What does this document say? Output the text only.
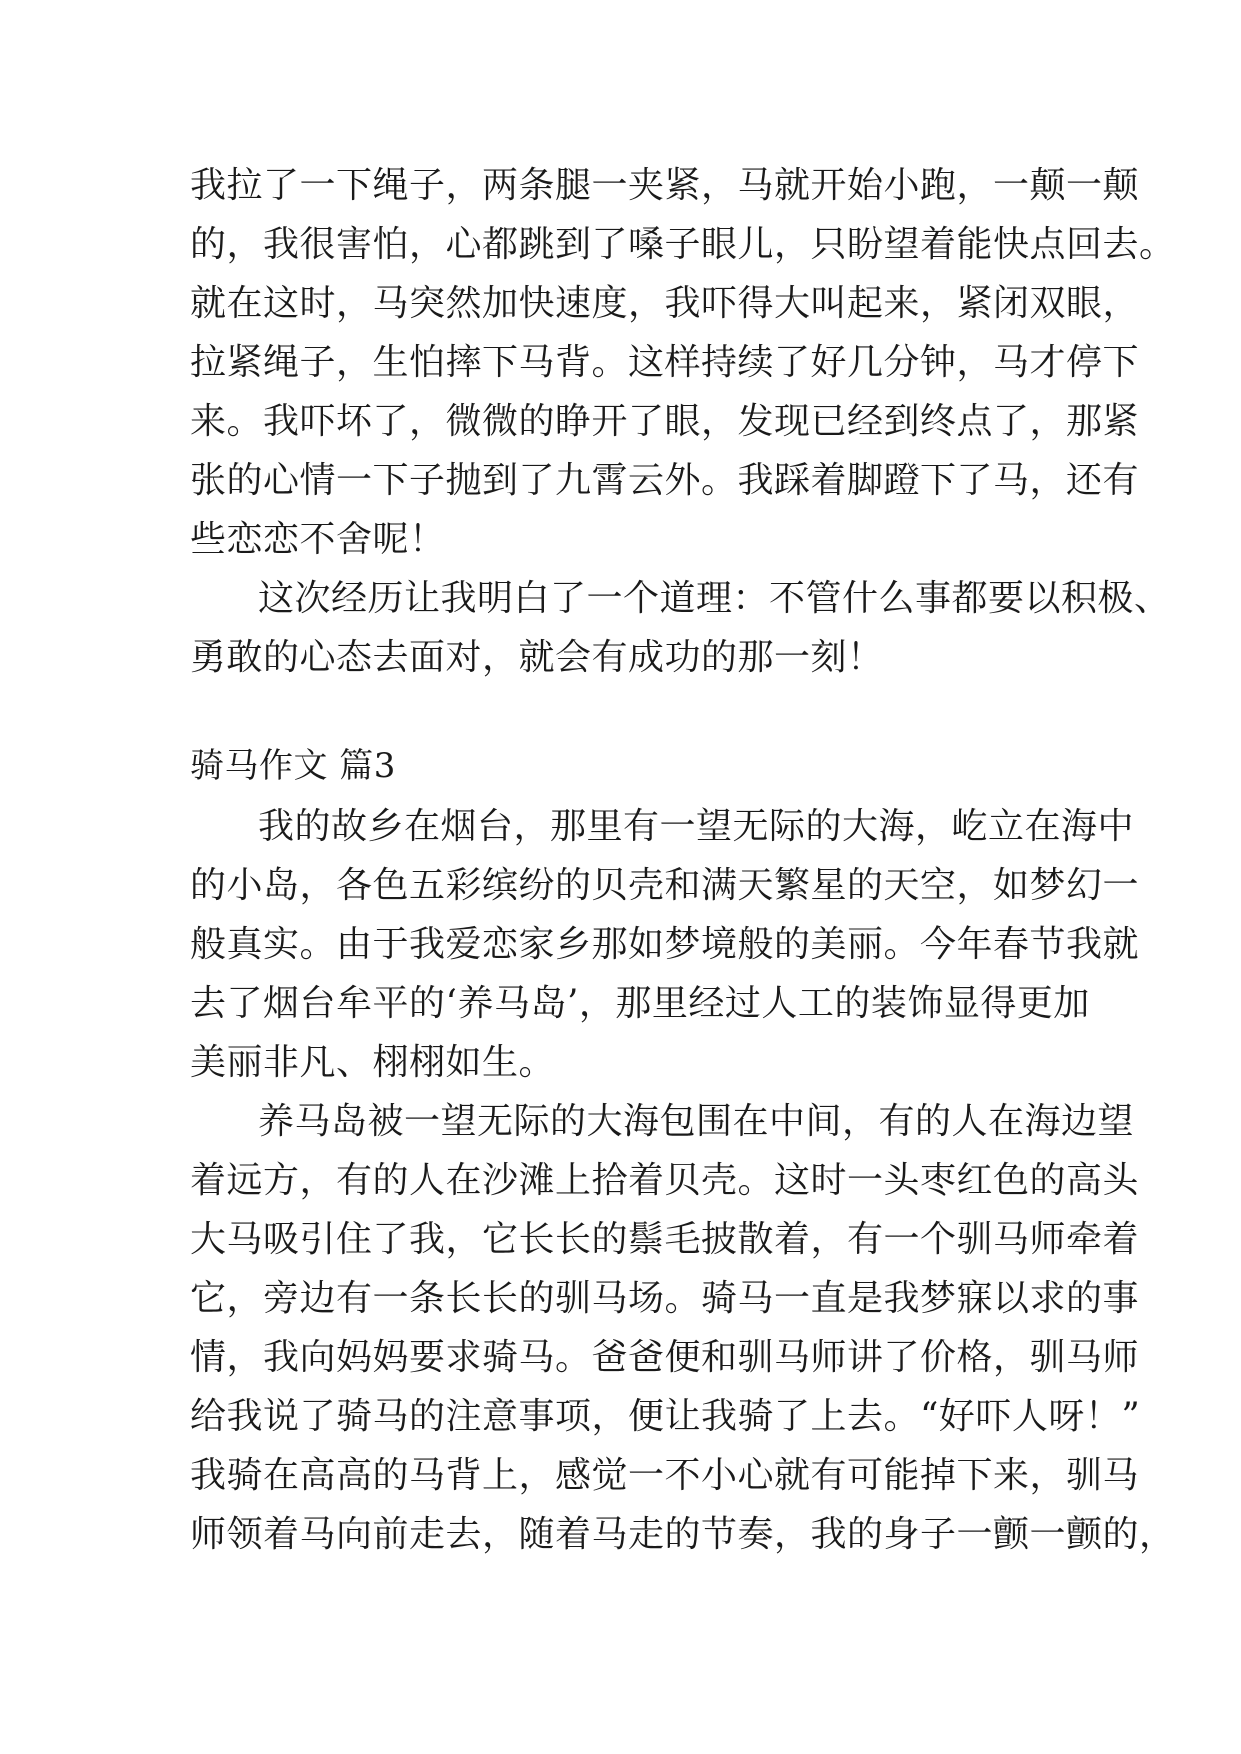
我拉了一下绳子，两条腿一夹紧，马就开始小跑，一颠一颠
的，我很害怕，心都跳到了嗓子眼儿，只盼望着能快点回去。
就在这时，马突然加快速度，我吓得大叫起来，紧闭双眼，
拉紧绳子，生怕摔下马背。这样持续了好几分钟，马才停下
来。我吓坏了，微微的睁开了眼，发现已经到终点了，那紧
张的心情一下子抛到了九霄云外。我踩着脚蹬下了马，还有
些恋恋不舍呢！
这次经历让我明白了一个道理：不管什么事都要以积极、
勇敢的心态去面对，就会有成功的那一刻！
骑马作文 篇3
我的故乡在烟台，那里有一望无际的大海，屹立在海中
的小岛，各色五彩缤纷的贝壳和满天繁星的天空，如梦幻一
般真实。由于我爱恋家乡那如梦境般的美丽。今年春节我就
去了烟台牟平的‘养马岛’，那里经过人工的装饰显得更加
美丽非凡、栩栩如生。
养马岛被一望无际的大海包围在中间，有的人在海边望
着远方，有的人在沙滩上拾着贝壳。这时一头枣红色的高头
大马吸引住了我，它长长的鬃毛披散着，有一个驯马师牵着
它，旁边有一条长长的驯马场。骑马一直是我梦寐以求的事
情，我向妈妈要求骑马。爸爸便和驯马师讲了价格，驯马师
给我说了骑马的注意事项，便让我骑了上去。“好吓人呀！”
我骑在高高的马背上，感觉一不小心就有可能掉下来，驯马
师领着马向前走去，随着马走的节奏，我的身子一颤一颤的，
